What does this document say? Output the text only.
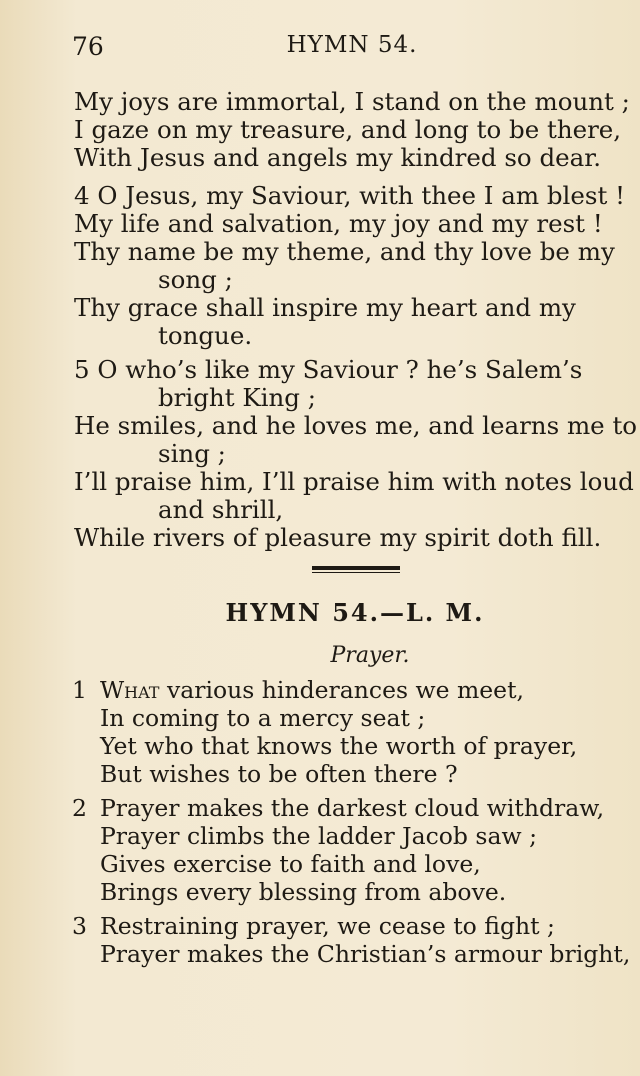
76	HYMN 54.
My joys are immortal, I stand on the mount ;
I gaze on my treasure, and long to be there,
With Jesus and angels my kindred so dear.
4 O Jesus, my Saviour, with thee I am blest !
My life and salvation, my joy and my rest !
Thy name be my theme, and thy love be my
song ;
Thy grace shall inspire my heart and my
tongue.
5 O who’s like my Saviour ? he’s Salem’s
bright King ;
He smiles, and he loves me, and learns me to
sing ;
I’ll praise him, I’ll praise him with notes loud
and shrill,
While rivers of pleasure my spirit doth fill.
HYMN 54.—L. M.
Prayer.
1 What various hinderances we meet,
In coming to a mercy seat ;
Yet who that knows the worth of prayer,
But wishes to be often there ?
2 Prayer makes the darkest cloud withdraw,
Prayer climbs the ladder Jacob saw ;
Gives exercise to faith and love,
Brings every blessing from above.
3 Restraining prayer, we cease to fight ;
Prayer makes the Christian’s armour bright,
